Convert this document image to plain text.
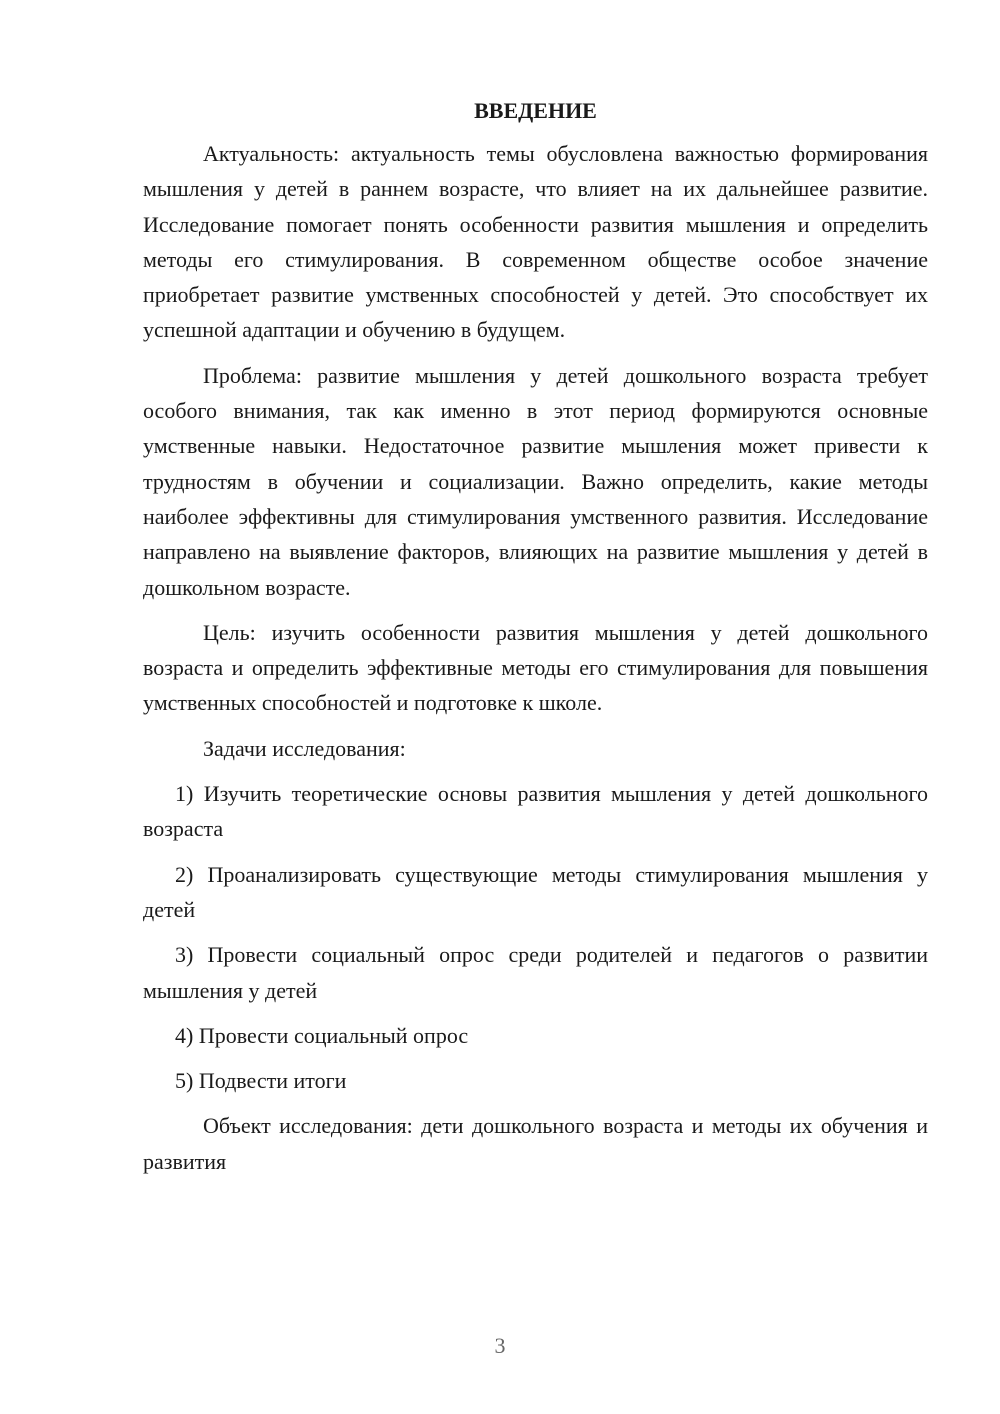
ВВЕДЕНИЕ

Актуальность: актуальность темы обусловлена важностью формирования мышления у детей в раннем возрасте, что влияет на их дальнейшее развитие. Исследование помогает понять особенности развития мышления и определить методы его стимулирования. В современном обществе особое значение приобретает развитие умственных способностей у детей. Это способствует их успешной адаптации и обучению в будущем.

Проблема: развитие мышления у детей дошкольного возраста требует особого внимания, так как именно в этот период формируются основные умственные навыки. Недостаточное развитие мышления может привести к трудностям в обучении и социализации. Важно определить, какие методы наиболее эффективны для стимулирования умственного развития. Исследование направлено на выявление факторов, влияющих на развитие мышления у детей в дошкольном возрасте.

Цель: изучить особенности развития мышления у детей дошкольного возраста и определить эффективные методы его стимулирования для повышения умственных способностей и подготовке к школе.

Задачи исследования:

1) Изучить теоретические основы развития мышления у детей дошкольного возраста

2) Проанализировать существующие методы стимулирования мышления у детей

3) Провести социальный опрос среди родителей и педагогов о развитии мышления у детей

4) Провести социальный опрос

5) Подвести итоги

Объект исследования: дети дошкольного возраста и методы их обучения и развития

3
